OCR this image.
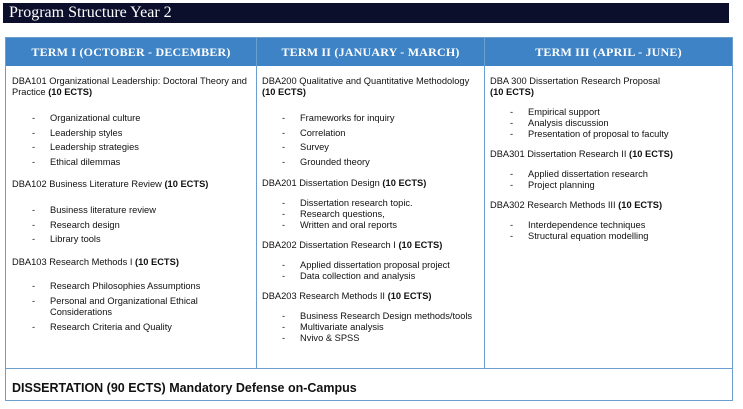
Program Structure Year 2
TERM I (OCTOBER - DECEMBER)	TERM II (JANUARY - MARCH)	TERM III (APRIL - JUNE)
DBA101 Organizational Leadership: Doctoral Theory and Practice (10 ECTS)
- Organizational culture
- Leadership styles
- Leadership strategies
- Ethical dilemmas
DBA102 Business Literature Review (10 ECTS)
- Business literature review
- Research design
- Library tools
DBA103 Research Methods I (10 ECTS)
- Research Philosophies Assumptions
- Personal and Organizational Ethical Considerations
- Research Criteria and Quality
DBA200 Qualitative and Quantitative Methodology (10 ECTS)
- Frameworks for inquiry
- Correlation
- Survey
- Grounded theory
DBA201 Dissertation Design (10 ECTS)
- Dissertation research topic.
- Research questions,
- Written and oral reports
DBA202 Dissertation Research I (10 ECTS)
- Applied dissertation proposal project
- Data collection and analysis
DBA203 Research Methods II (10 ECTS)
- Business Research Design methods/tools
- Multivariate analysis
- Nvivo & SPSS
DBA 300 Dissertation Research Proposal
(10 ECTS)
- Empirical support
- Analysis discussion
- Presentation of proposal to faculty
DBA301 Dissertation Research II (10 ECTS)
- Applied dissertation research
- Project planning
DBA302 Research Methods III (10 ECTS)
- Interdependence techniques
- Structural equation modelling
DISSERTATION (90 ECTS) Mandatory Defense on-Campus
